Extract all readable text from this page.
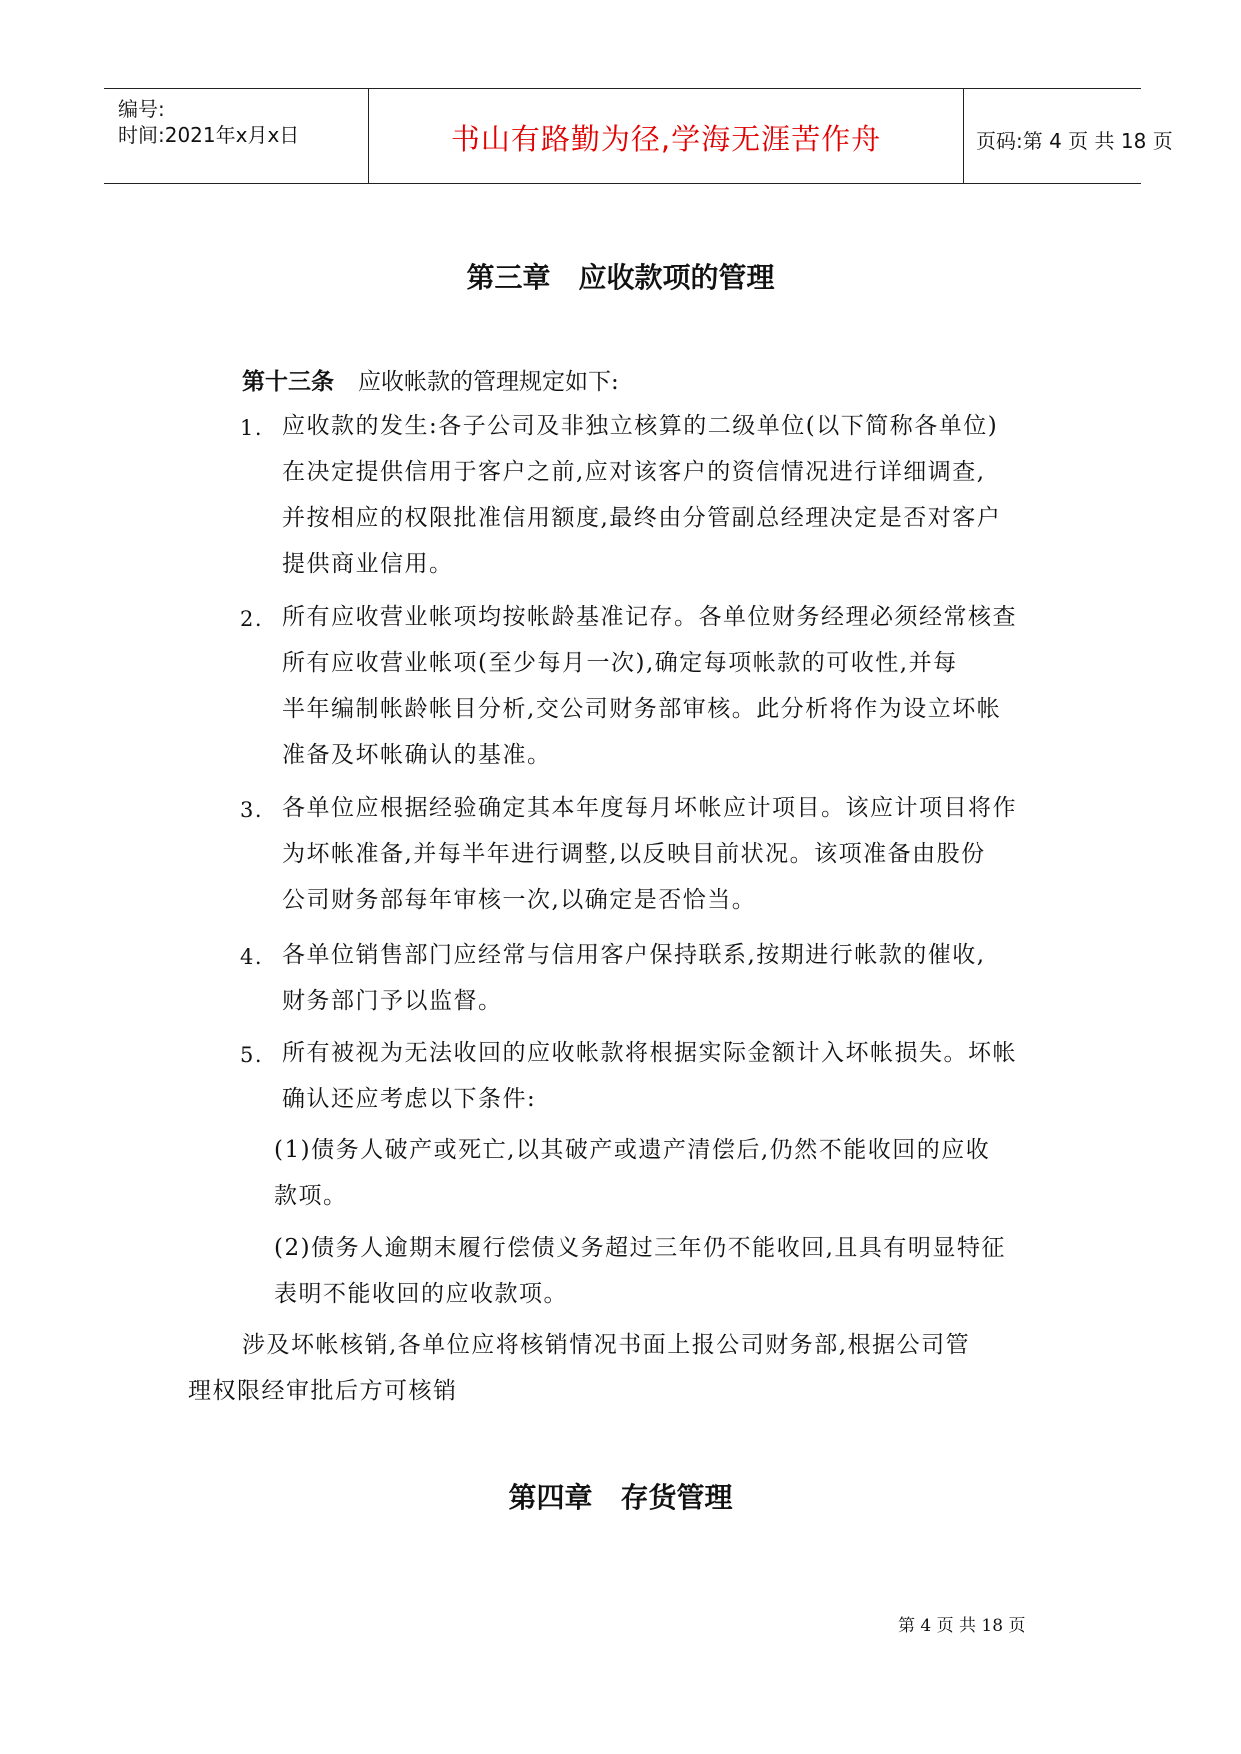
编号:
时间:2021年x月x日	书山有路勤为径,学海无涯苦作舟	页码:第 4 页 共 18 页
第三章 应收款项的管理
第十三条 应收帐款的管理规定如下:
1. 应收款的发生:各子公司及非独立核算的二级单位(以下简称各单位)
在决定提供信用于客户之前,应对该客户的资信情况进行详细调查,
并按相应的权限批准信用额度,最终由分管副总经理决定是否对客户
提供商业信用。
2. 所有应收营业帐项均按帐龄基准记存。各单位财务经理必须经常核查
所有应收营业帐项(至少每月一次),确定每项帐款的可收性,并每
半年编制帐龄帐目分析,交公司财务部审核。此分析将作为设立坏帐
准备及坏帐确认的基准。
3. 各单位应根据经验确定其本年度每月坏帐应计项目。该应计项目将作
为坏帐准备,并每半年进行调整,以反映目前状况。该项准备由股份
公司财务部每年审核一次,以确定是否恰当。
4. 各单位销售部门应经常与信用客户保持联系,按期进行帐款的催收,
财务部门予以监督。
5. 所有被视为无法收回的应收帐款将根据实际金额计入坏帐损失。坏帐
确认还应考虑以下条件:
(1)债务人破产或死亡,以其破产或遗产清偿后,仍然不能收回的应收
款项。
(2)债务人逾期末履行偿债义务超过三年仍不能收回,且具有明显特征
表明不能收回的应收款项。
涉及坏帐核销,各单位应将核销情况书面上报公司财务部,根据公司管
理权限经审批后方可核销
第四章 存货管理
第 4 页 共 18 页
